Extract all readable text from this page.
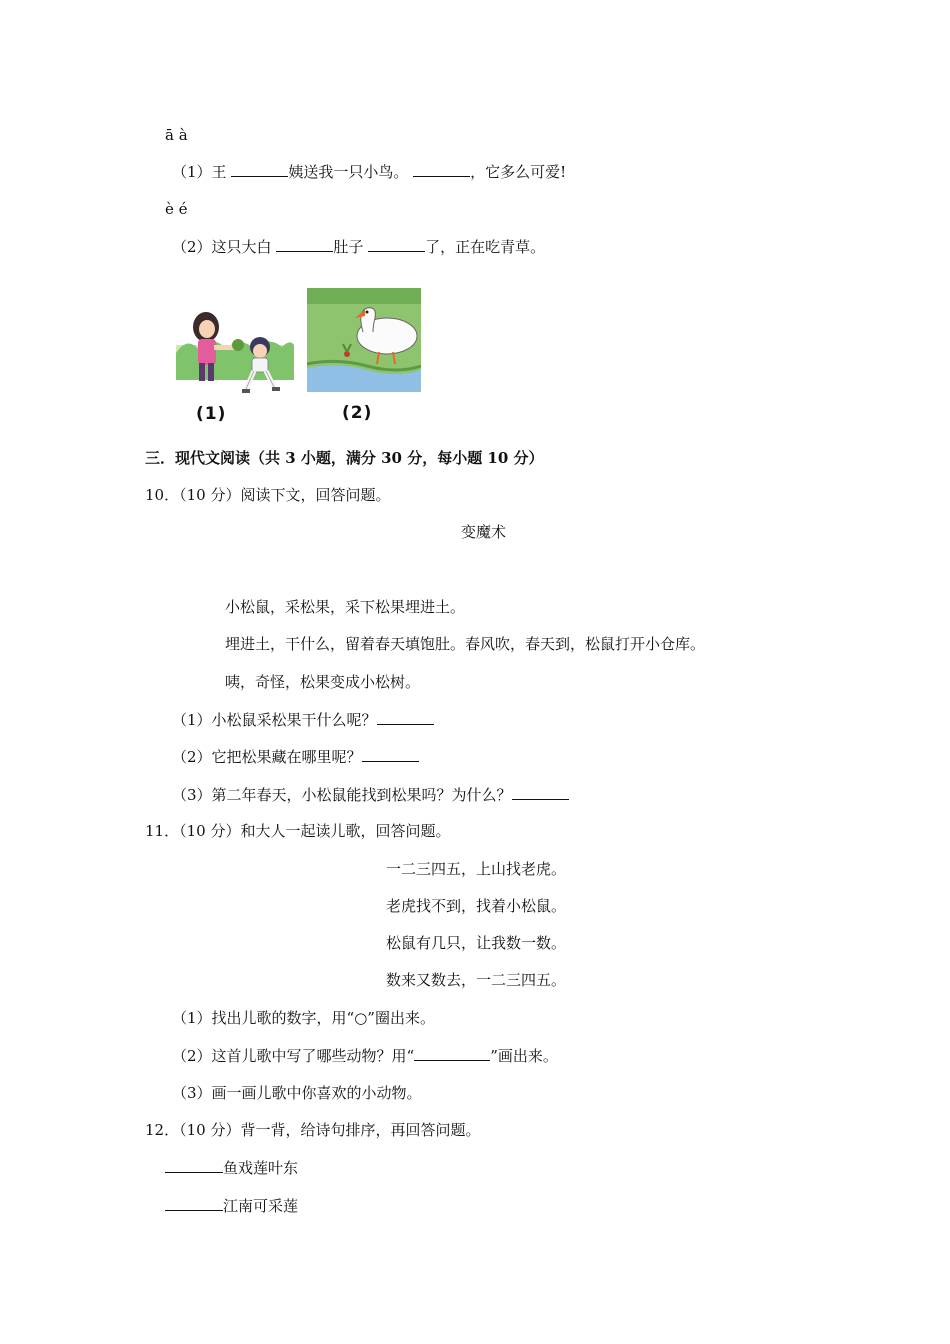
ā à
（1）王	姨送我一只小鸟。	，它多么可爱!
è é
（2）这只大白	肚子	了，正在吃青草。
(1)	(2)
三．现代文阅读（共 3 小题，满分 30 分，每小题 10 分）
10．（10 分）阅读下文，回答问题。
变魔术
小松鼠，采松果，采下松果埋进土。
埋进土，干什么，留着春天填饱肚。春风吹，春天到，松鼠打开小仓库。
咦，奇怪，松果变成小松树。
（1）小松鼠采松果干什么呢？
（2）它把松果藏在哪里呢？
（3）第二年春天，小松鼠能找到松果吗？为什么？
11．（10 分）和大人一起读儿歌，回答问题。
一二三四五，上山找老虎。
老虎找不到，找着小松鼠。
松鼠有几只，让我数一数。
数来又数去，一二三四五。
（1）找出儿歌的数字，用“○”圈出来。
（2）这首儿歌中写了哪些动物？用“	”画出来。
（3）画一画儿歌中你喜欢的小动物。
12．（10 分）背一背，给诗句排序，再回答问题。
鱼戏莲叶东
江南可采莲
